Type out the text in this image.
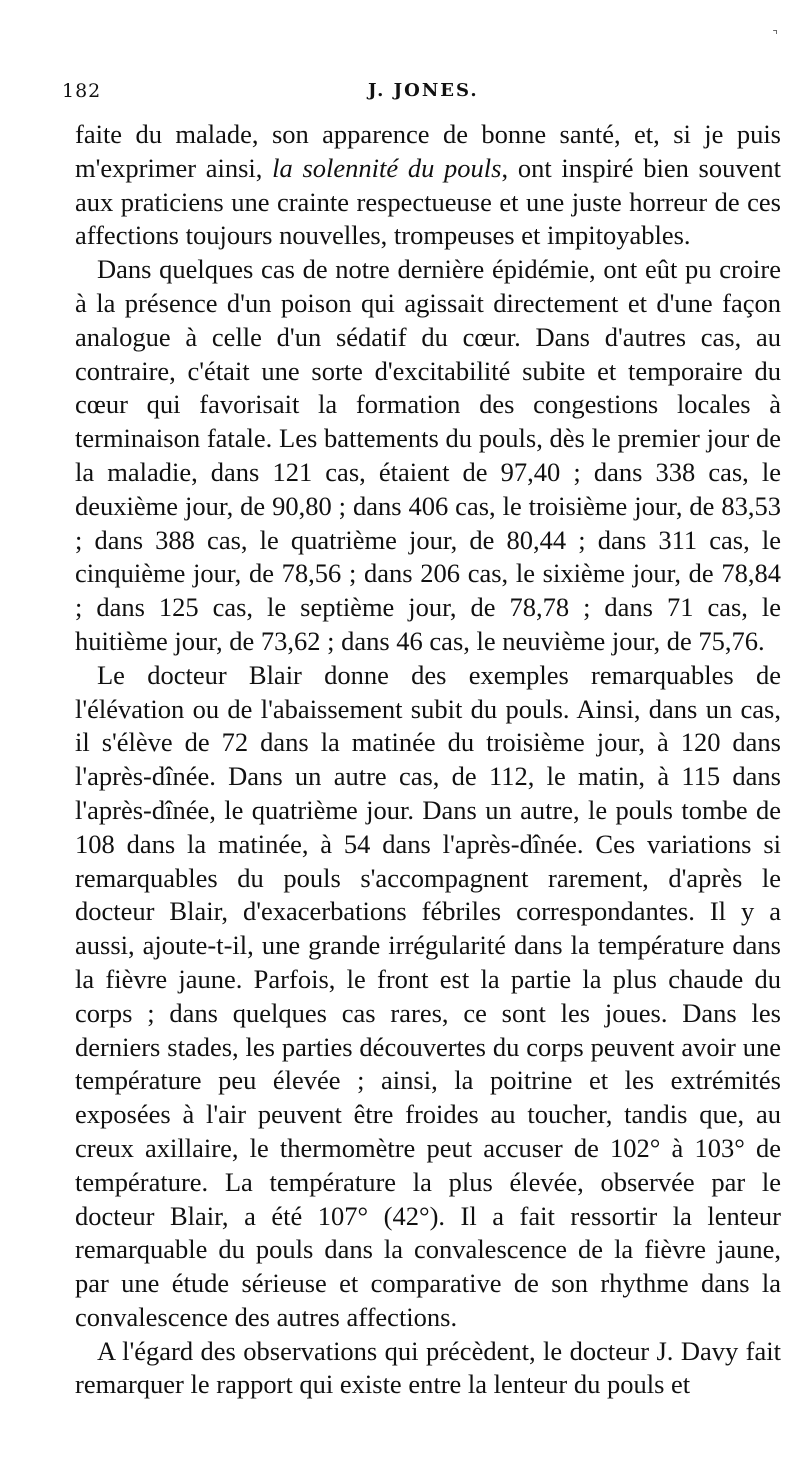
⌝
182	J. JONES.

faite du malade, son apparence de bonne santé, et, si je puis m'exprimer ainsi, la solennité du pouls, ont inspiré bien souvent aux praticiens une crainte respectueuse et une juste horreur de ces affections toujours nouvelles, trompeuses et impitoyables.

Dans quelques cas de notre dernière épidémie, ont eût pu croire à la présence d'un poison qui agissait directement et d'une façon analogue à celle d'un sédatif du cœur. Dans d'autres cas, au contraire, c'était une sorte d'excitabilité subite et temporaire du cœur qui favorisait la formation des congestions locales à terminaison fatale. Les battements du pouls, dès le premier jour de la maladie, dans 121 cas, étaient de 97,40 ; dans 338 cas, le deuxième jour, de 90,80 ; dans 406 cas, le troisième jour, de 83,53 ; dans 388 cas, le quatrième jour, de 80,44 ; dans 311 cas, le cinquième jour, de 78,56 ; dans 206 cas, le sixième jour, de 78,84 ; dans 125 cas, le septième jour, de 78,78 ; dans 71 cas, le huitième jour, de 73,62 ; dans 46 cas, le neuvième jour, de 75,76.

Le docteur Blair donne des exemples remarquables de l'élévation ou de l'abaissement subit du pouls. Ainsi, dans un cas, il s'élève de 72 dans la matinée du troisième jour, à 120 dans l'après-dînée. Dans un autre cas, de 112, le matin, à 115 dans l'après-dînée, le quatrième jour. Dans un autre, le pouls tombe de 108 dans la matinée, à 54 dans l'après-dînée. Ces variations si remarquables du pouls s'accompagnent rarement, d'après le docteur Blair, d'exacerbations fébriles correspondantes. Il y a aussi, ajoute-t-il, une grande irrégularité dans la température dans la fièvre jaune. Parfois, le front est la partie la plus chaude du corps ; dans quelques cas rares, ce sont les joues. Dans les derniers stades, les parties découvertes du corps peuvent avoir une température peu élevée ; ainsi, la poitrine et les extrémités exposées à l'air peuvent être froides au toucher, tandis que, au creux axillaire, le thermomètre peut accuser de 102° à 103° de température. La température la plus élevée, observée par le docteur Blair, a été 107° (42°). Il a fait ressortir la lenteur remarquable du pouls dans la convalescence de la fièvre jaune, par une étude sérieuse et comparative de son rhythme dans la convalescence des autres affections.

A l'égard des observations qui précèdent, le docteur J. Davy fait remarquer le rapport qui existe entre la lenteur du pouls et
